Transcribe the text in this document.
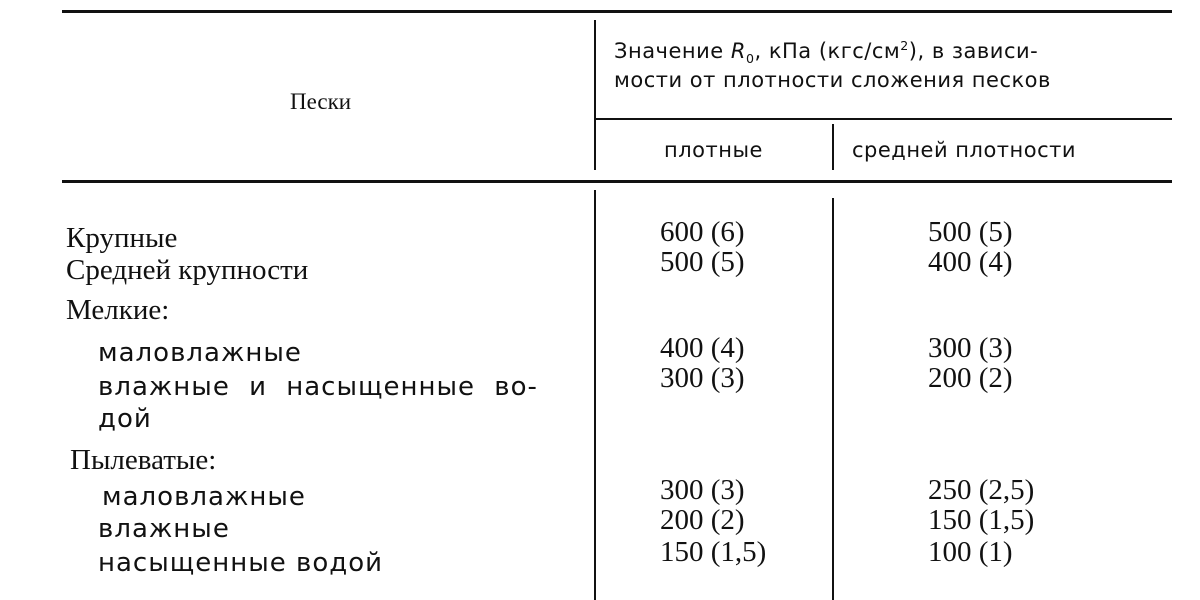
Пески
Значение $R_0$, кПа $(кгс/см^2)$, в зависи-
мости от плотности сложения песков
плотные	средней плотности
Крупные	600 (6)	500 (5)
Средней крупности	500 (5)	400 (4)
Мелкие:
маловлажные	400 (4)	300 (3)
влажные и насыщенные во-	300 (3)	200 (2)
дой
Пылеватые:
маловлажные	300 (3)	250 (2,5)
влажные	200 (2)	150 (1,5)
насыщенные водой	150 (1,5)	100 (1)
